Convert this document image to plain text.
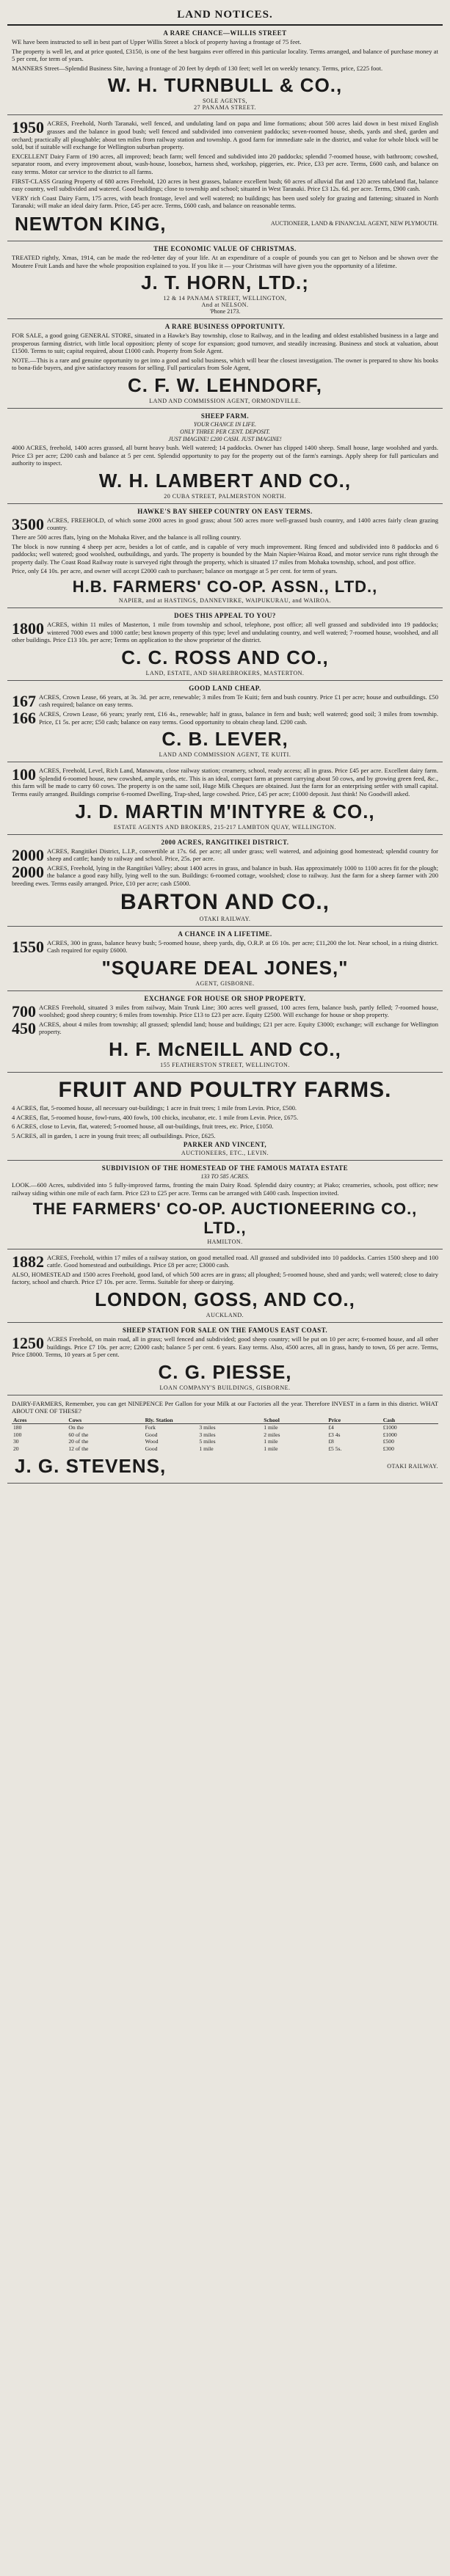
LAND NOTICES.
A RARE CHANCE—WILLIS STREET
WE have been instructed to sell in best part of Upper Willis Street a block of property having a frontage of 75 feet.
The property is well let, and at price quoted, £3150, is one of the best bargains ever offered in this particular locality. Terms arranged, and balance of purchase money at 5 per cent, for term of years.
MANNERS Street—Splendid Business Site, having a frontage of 20 feet by depth of 130 feet; well let on weekly tenancy. Terms, price, £225 foot.
W. H. TURNBULL & CO.,
SOLE AGENTS,
27 PANAMA STREET.
1950 ACRES, Freehold, North Taranaki, well fenced, and undulating land on papa and lime formations; about 500 acres laid down in best mixed English grasses and the balance in good bush; well fenced and subdivided into convenient paddocks; seven-roomed house, sheds, yards and shed, garden and orchard; practically all ploughable; about ten miles from railway station and township. A good farm for immediate sale in the district, and value for whole block will be sold, but if suitable will exchange for Wellington suburban property.
EXCELLENT Dairy Farm of 190 acres, all improved; beach farm; well fenced and subdivided into 20 paddocks; splendid 7-roomed house, with bathroom; cowshed, separator room, and every improvement about, wash-house, loosebox, harness shed, workshop, piggeries, etc. Price, £33 per acre. Terms, £600 cash, and balance on easy terms. Motor car service to the district to all farms.
FIRST-CLASS Grazing Property of 680 acres Freehold, 120 acres in best grasses, balance excellent bush; 60 acres of alluvial flat and 120 acres tableland flat, balance easy country, well subdivided and watered. Good buildings; close to township and school; situated in West Taranaki. Price £3 12s. 6d. per acre. Terms, £900 cash.
VERY rich Coast Dairy Farm, 175 acres, with beach frontage, level and well watered; no buildings; has been used solely for grazing and fattening; situated in North Taranaki; will make an ideal dairy farm. Price, £45 per acre. Terms, £600 cash, and balance on reasonable terms.
NEWTON KING,	AUCTIONEER, LAND & FINANCIAL AGENT, NEW PLYMOUTH.
THE ECONOMIC VALUE OF CHRISTMAS.
TREATED rightly, Xmas, 1914, can be made the red-letter day of your life. At an expenditure of a couple of pounds you can get to Nelson and be shown over the Moutere Fruit Lands and have the whole proposition explained to you. If you like it — your Christmas will have given you the opportunity of a lifetime.
J. T. HORN, LTD.;
12 & 14 PANAMA STREET, WELLINGTON,
And at NELSON.
'Phone 2173.
A RARE BUSINESS OPPORTUNITY.
FOR SALE, a good going GENERAL STORE, situated in a Hawke's Bay township, close to Railway, and in the leading and oldest established business in a large and prosperous farming district, with little local opposition; plenty of scope for expansion; good turnover, and steadily increasing. Business and stock at valuation, about £1500. Terms to suit; capital required, about £1000 cash. Property from Sole Agent.
NOTE.—This is a rare and genuine opportunity to get into a good and solid business, which will bear the closest investigation. The owner is prepared to show his books to bona-fide buyers, and give satisfactory reasons for selling. Full particulars from Sole Agent,
C. F. W. LEHNDORF,
LAND AND COMMISSION AGENT, ORMONDVILLE.
SHEEP FARM.
YOUR CHANCE IN LIFE.
ONLY THREE PER CENT. DEPOSIT.
JUST IMAGINE! £200 CASH. JUST IMAGINE!
4000 ACRES, freehold, 1400 acres grassed, all burnt heavy bush. Well watered; 14 paddocks. Owner has clipped 1400 sheep. Small house, large woolshed and yards. Price £3 per acre; £200 cash and balance at 5 per cent. Splendid opportunity to pay for the property out of the farm's earnings. Apply sheep for full particulars and authority to inspect.
W. H. LAMBERT AND CO.,
20 CUBA STREET, PALMERSTON NORTH.
HAWKE'S BAY SHEEP COUNTRY ON EASY TERMS.
3500 ACRES, FREEHOLD, of which some 2000 acres in good grass; about 500 acres more well-grassed bush country, and 1400 acres fairly clean grazing country.
There are 500 acres flats, lying on the Mohaka River, and the balance is all rolling country.
The block is now running 4 sheep per acre, besides a lot of cattle, and is capable of very much improvement. Ring fenced and subdivided into 8 paddocks and 6 paddocks; well watered; good woolshed, outbuildings, and yards. The property is bounded by the Main Napier-Wairoa Road, and motor service runs right through the property daily. The Coast Road Railway route is surveyed right through the property, which is situated 17 miles from Mohaka township, school, and post office.
Price, only £4 10s. per acre, and owner will accept £2000 cash to purchaser; balance on mortgage at 5 per cent. for term of years.
H.B. FARMERS' CO-OP. ASSN., LTD.,
NAPIER, and at HASTINGS, DANNEVIRKE, WAIPUKURAU, and WAIROA.
DOES THIS APPEAL TO YOU?
1800 ACRES, within 11 miles of Masterton, 1 mile from township and school, telephone, post office; all well grassed and subdivided into 19 paddocks; wintered 7000 ewes and 1000 cattle; best known property of this type; level and undulating country, and well watered; 7-roomed house, woolshed, and all other buildings. Price £13 10s. per acre; Terms on application to the show proprietor of the district.
C. C. ROSS AND CO.,
LAND, ESTATE, AND SHAREBROKERS, MASTERTON.
GOOD LAND CHEAP.
167 ACRES, Crown Lease, 66 years, at 3s. 3d. per acre, renewable; 3 miles from Te Kuiti; fern and bush country. Price £1 per acre; house and outbuildings. £50 cash required; balance on easy terms.
166 ACRES, Crown Lease, 66 years; yearly rent, £16 4s., renewable; half in grass, balance in fern and bush; well watered; good soil; 3 miles from township. Price, £1 5s. per acre; £50 cash; balance on easy terms. Good opportunity to obtain cheap land. £200 cash.
C. B. LEVER,
LAND AND COMMISSION AGENT, TE KUITI.
100 ACRES, Freehold, Level, Rich Land, Manawatu, close railway station; creamery, school, ready access; all in grass. Price £45 per acre. Excellent dairy farm. Splendid 6-roomed house, new cowshed, ample yards, etc. This is an ideal, compact farm at present carrying about 50 cows, and by growing green feed, &c., this farm will be made to carry 60 cows. The property is on the same soil, Huge Milk Cheques are obtained. Just the farm for an enterprising settler with small capital. Terms easily arranged. Buildings comprise 6-roomed Dwelling, Trap-shed, large cowshed. Price, £45 per acre; £1000 deposit. Just think! No Goodwill asked.
J. D. MARTIN M'INTYRE & CO.,
ESTATE AGENTS AND BROKERS, 215-217 LAMBTON QUAY, WELLINGTON.
2000 ACRES, RANGITIKEI DISTRICT.
2000 ACRES, Rangitikei District, L.I.P., convertible at 17s. 6d. per acre; all under grass; well watered, and adjoining good homestead; splendid country for sheep and cattle; handy to railway and school. Price, 25s. per acre.
2000 ACRES, Freehold, lying in the Rangitikei Valley; about 1400 acres in grass, and balance in bush. Has approximately 1000 to 1100 acres fit for the plough; the balance a good easy hilly, lying well to the sun. Buildings: 6-roomed cottage, woolshed; close to railway. Just the farm for a sheep farmer with 200 breeding ewes. Terms easily arranged. Price, £10 per acre; cash £5000.
BARTON AND CO.,
OTAKI RAILWAY.
A CHANCE IN A LIFETIME.
1550 ACRES, 300 in grass, balance heavy bush; 5-roomed house, sheep yards, dip, O.R.P. at £6 10s. per acre; £11,200 the lot. Near school, in a rising district. Cash required for equity £6000.
"SQUARE DEAL JONES,"
AGENT, GISBORNE.
EXCHANGE FOR HOUSE OR SHOP PROPERTY.
700 ACRES Freehold, situated 3 miles from railway, Main Trunk Line; 300 acres well grassed, 100 acres fern, balance bush, partly felled; 7-roomed house, woolshed; good sheep country; 6 miles from township. Price £13 to £23 per acre. Equity £2500. Will exchange for house or shop property.
450 ACRES, about 4 miles from township; all grassed; splendid land; house and buildings; £21 per acre. Equity £3000; exchange; will exchange for Wellington property.
H. F. McNEILL AND CO.,
155 FEATHERSTON STREET, WELLINGTON.
FRUIT AND POULTRY FARMS.
4 ACRES, flat, 5-roomed house, all necessary out-buildings; 1 acre in fruit trees; 1 mile from Levin. Price, £500.
4 ACRES, flat, 5-roomed house, fowl-runs, 400 fowls, 100 chicks, incubator, etc. 1 mile from Levin. Price, £675.
6 ACRES, close to Levin, flat, watered; 5-roomed house, all out-buildings, fruit trees, etc. Price, £1050.
5 ACRES, all in garden, 1 acre in young fruit trees; all outbuildings. Price, £625.
PARKER AND VINCENT,
AUCTIONEERS, ETC., LEVIN.
SUBDIVISION OF THE HOMESTEAD OF THE FAMOUS MATATA ESTATE
133 TO 585 ACRES.
LOOK.—600 Acres, subdivided into 5 fully-improved farms, fronting the main Dairy Road. Splendid dairy country; at Piako; creameries, schools, post office; new railway siding within one mile of each farm. Price £23 to £25 per acre. Terms can be arranged with £400 cash. Inspection invited.
THE FARMERS' CO-OP. AUCTIONEERING CO., LTD.,
HAMILTON.
1882 ACRES, Freehold, within 17 miles of a railway station, on good metalled road. All grassed and subdivided into 10 paddocks. Carries 1500 sheep and 100 cattle. Good homestead and outbuildings. Price £8 per acre; £3000 cash.
ALSO, HOMESTEAD and 1500 acres Freehold, good land, of which 500 acres are in grass; all ploughed; 5-roomed house, shed and yards; well watered; close to dairy factory, school and church. Price £7 10s. per acre. Terms. Suitable for sheep or dairying.
LONDON, GOSS, AND CO.,
AUCKLAND.
SHEEP STATION FOR SALE ON THE FAMOUS EAST COAST.
1250 ACRES Freehold, on main road, all in grass; well fenced and subdivided; good sheep country; will be put on 10 per acre; 6-roomed house, and all other buildings. Price £7 10s. per acre; £2000 cash; balance 5 per cent. 6 years. Easy terms. Also, 4500 acres, all in grass, handy to town, £6 per acre. Terms, Price £8000. Terms, 10 years at 5 per cent.
C. G. PIESSE,
LOAN COMPANY'S BUILDINGS, GISBORNE.
DAIRY-FARMERS, Remember, you can get NINEPENCE Per Gallon for your Milk at our Factories all the year. Therefore INVEST in a farm in this district. WHAT ABOUT ONE OF THESE?
Acres	Cows	Rly. Station		School	Price	Cash
180	On the	Fork	3 miles	1 mile	£4	£1000
100	60 of the	Good	3 miles	2 miles	£3 4s	£1000
30	20 of the	Wood	5 miles	1 mile	£8	£500
20	12 of the	Good	1 mile	1 mile	£5 5s.	£300
J. G. STEVENS,	OTAKI RAILWAY.
